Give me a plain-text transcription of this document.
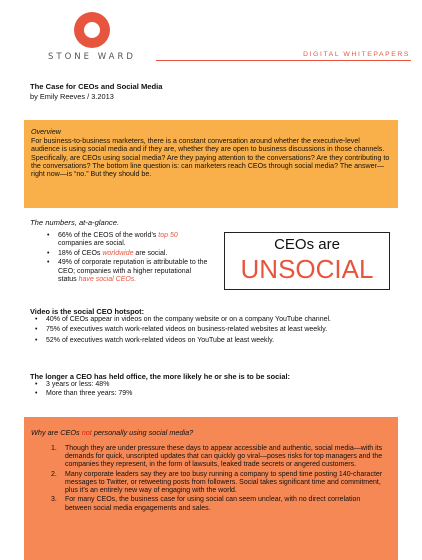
STONE WARD	DIGITAL WHITEPAPERS
The Case for CEOs and Social Media
by Emily Reeves / 3.2013
Overview
For business-to-business marketers, there is a constant conversation around whether the executive-level audience is using social media and if they are, whether they are open to business discussions in those channels. Specifically, are CEOs using social media? Are they paying attention to the conversations? Are they contributing to the conversations? The bottom line question is: can marketers reach CEOs through social media? The answer—right now—is “no.” But they should be.
The numbers, at-a-glance.
• 66% of the CEOS of the world’s top 50 companies are social.
• 18% of CEOs worldwide are social.
• 49% of corporate reputation is attributable to the CEO; companies with a higher reputational status have social CEOs.
CEOs are
UNSOCIAL
Video is the social CEO hotspot:
• 40% of CEOs appear in videos on the company website or on a company YouTube channel.
• 75% of executives watch work-related videos on business-related websites at least weekly.
• 52% of executives watch work-related videos on YouTube at least weekly.
The longer a CEO has held office, the more likely he or she is to be social:
• 3 years or less: 48%
• More than three years: 79%
Why are CEOs not personally using social media?
1. Though they are under pressure these days to appear accessible and authentic, social media—with its demands for quick, unscripted updates that can quickly go viral—poses risks for top managers and the companies they represent, in the form of lawsuits, leaked trade secrets or angered customers.
2. Many corporate leaders say they are too busy running a company to spend time posting 140-character messages to Twitter, or retweeting posts from followers. Social takes significant time and commitment, plus it’s an entirely new way of engaging with the world.
3. For many CEOs, the business case for using social can seem unclear, with no direct correlation between social media engagements and sales.
